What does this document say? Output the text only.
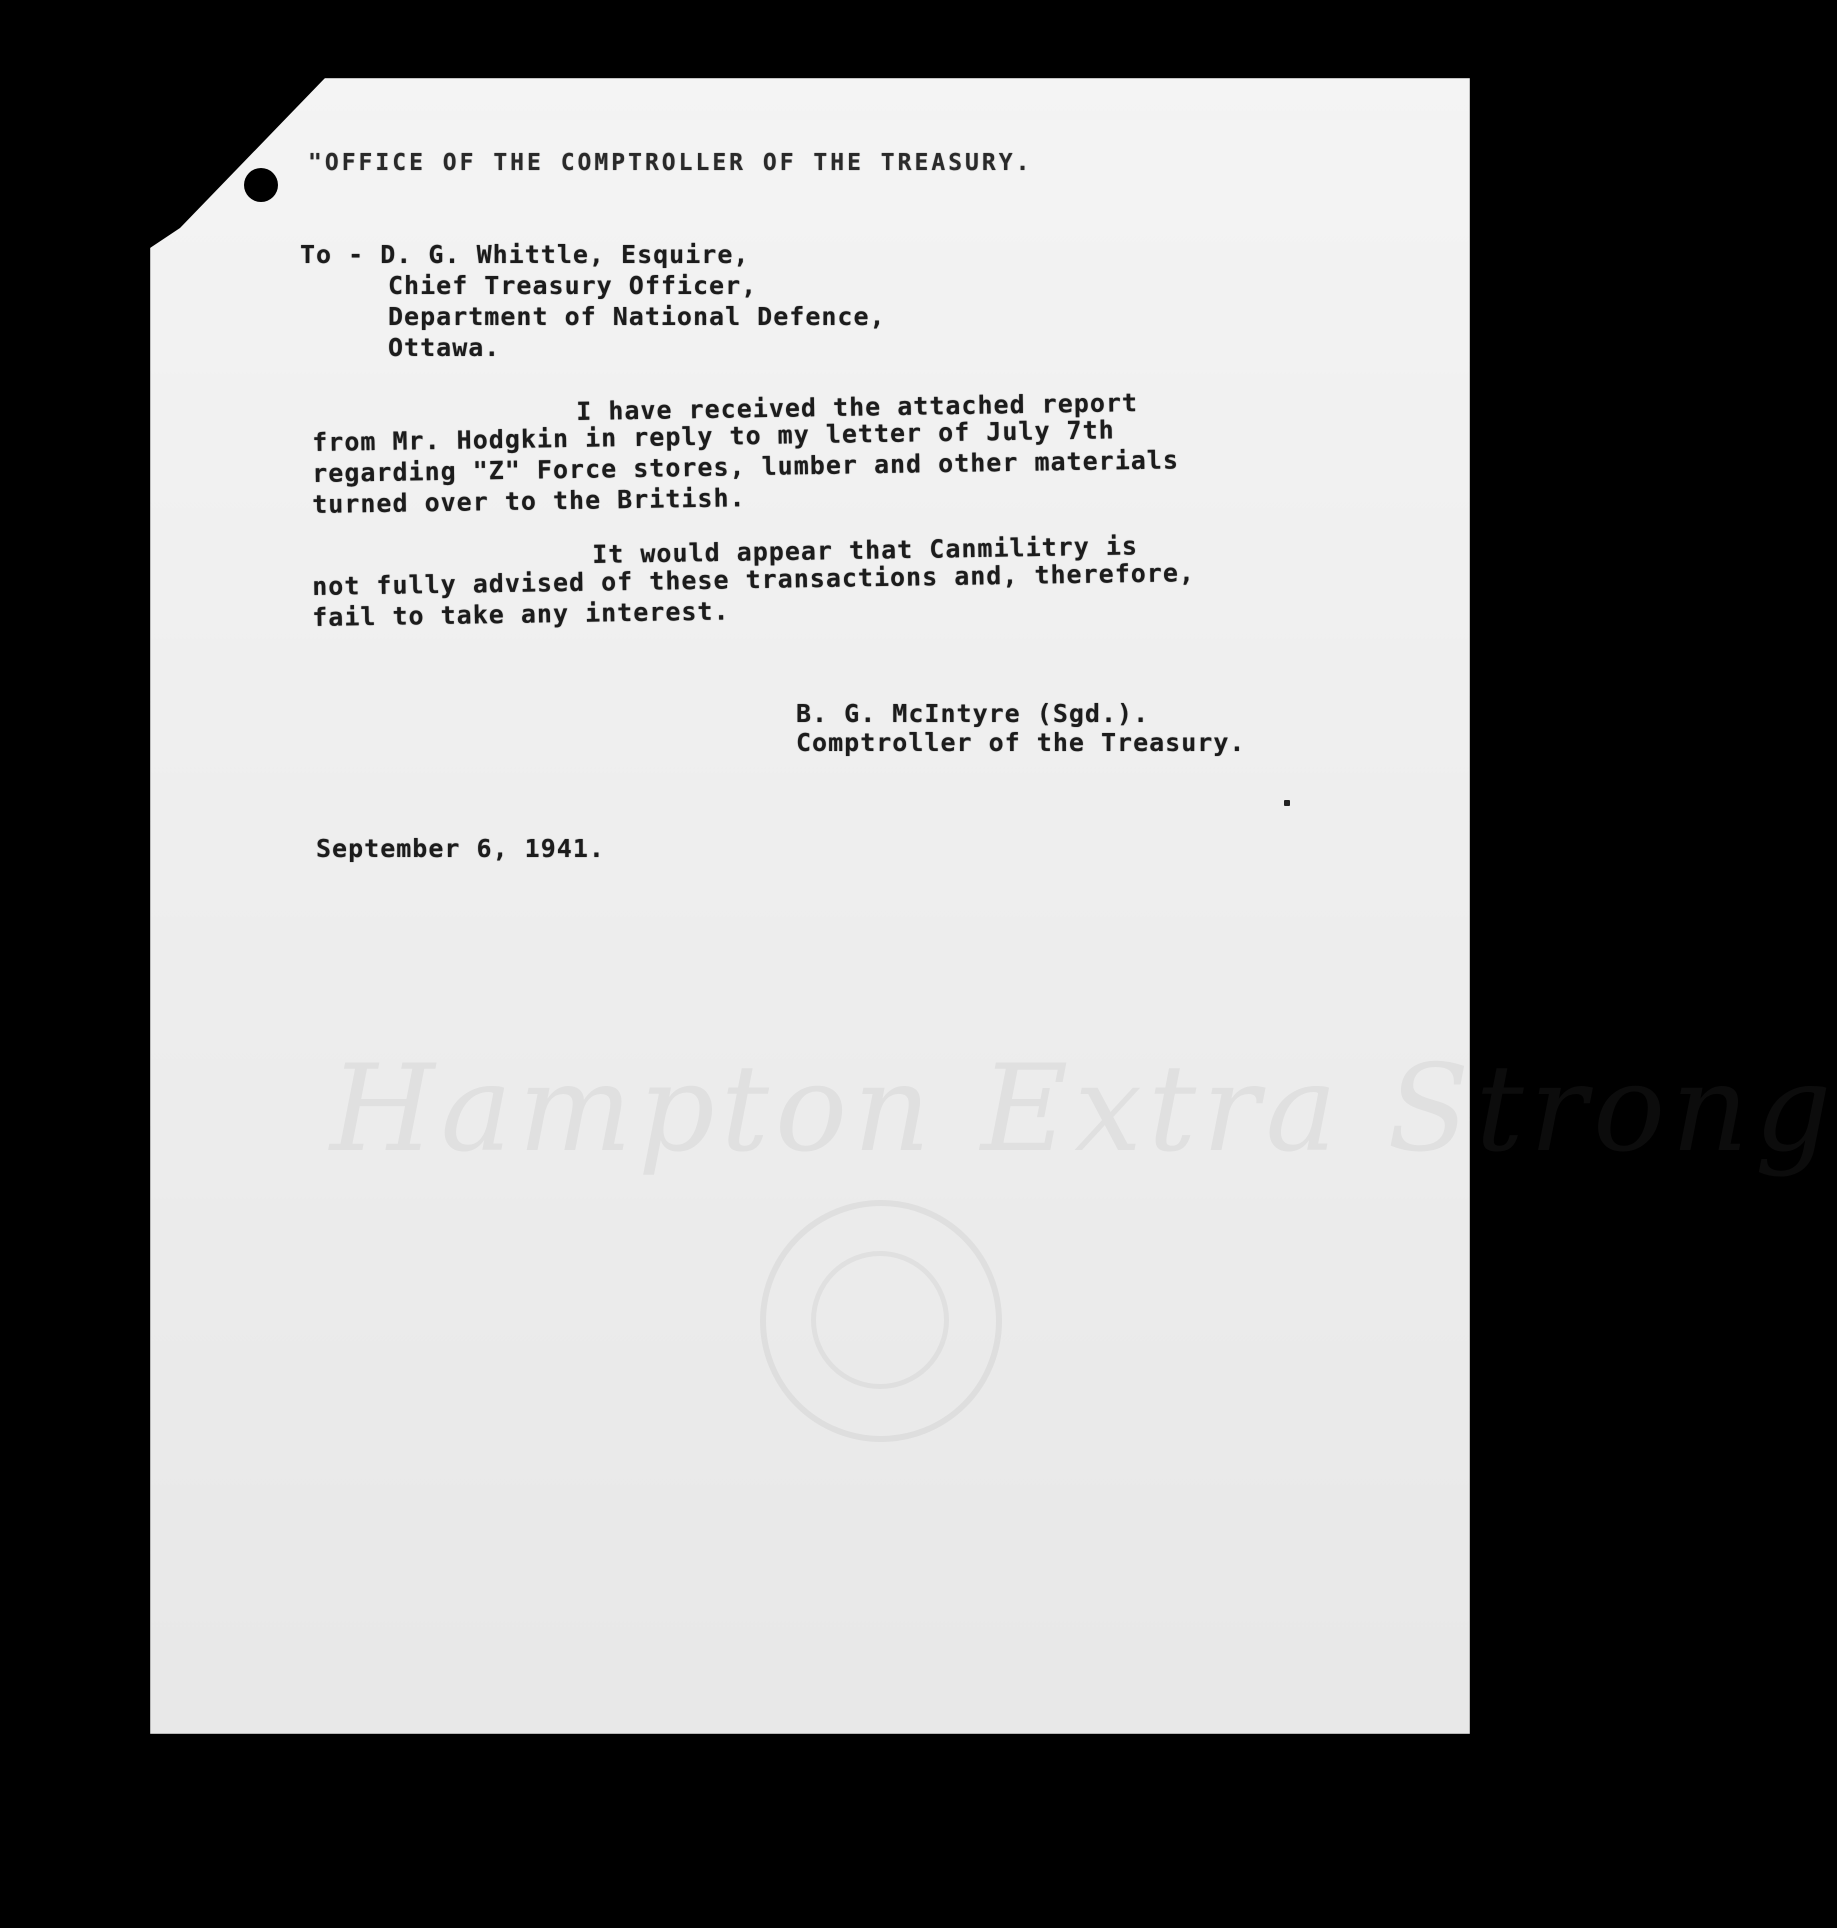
Strong
"OFFICE OF THE COMPTROLLER OF THE TREASURY.
To - D. G. Whittle, Esquire,
Chief Treasury Officer,
Department of National Defence,
Ottawa.
I have received the attached report
from Mr. Hodgkin in reply to my letter of July 7th
regarding "Z" Force stores, lumber and other materials
turned over to the British.
It would appear that Canmilitry is
not fully advised of these transactions and, therefore,
fail to take any interest.
B. G. McIntyre (Sgd.).
Comptroller of the Treasury.
September 6, 1941.
